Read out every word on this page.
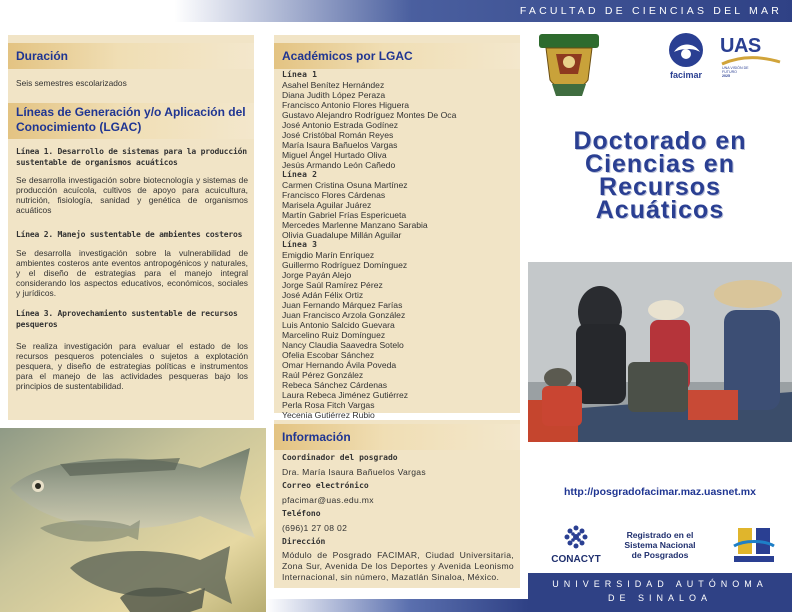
FACULTAD DE CIENCIAS DEL MAR
Duración
Seis semestres escolarizados
Líneas de Generación y/o Aplicación del Conocimiento (LGAC)
Línea 1. Desarrollo de sistemas para la producción sustentable de organismos acuáticos
Se desarrolla investigación sobre biotecnología y sistemas de producción acuícola, cultivos de apoyo para acuicultura, nutrición, fisiología, sanidad y genética de organismos acuáticos
Línea 2. Manejo sustentable de ambientes costeros
Se desarrolla investigación sobre la vulnerabilidad de ambientes costeros ante eventos antropogénicos y naturales, y el diseño de estrategias para el manejo integral considerando los aspectos educativos, económicos, sociales y jurídicos.
Línea 3. Aprovechamiento sustentable de recursos pesqueros
Se realiza investigación para evaluar el estado de los recursos pesqueros potenciales o sujetos a explotación pesquera, y diseño de estrategias políticas e instrumentos para el manejo de las actividades pesqueras bajo los principios de sustentabilidad.
Académicos por LGAC
Línea 1
Asahel Benítez Hernández
Diana Judith López Peraza
Francisco Antonio Flores Higuera
Gustavo Alejandro Rodríguez Montes De Oca
José Antonio Estrada Godínez
José Cristóbal Román Reyes
María Isaura Bañuelos Vargas
Miguel Ángel Hurtado Oliva
Jesús Armando León Cañedo
Línea 2
Carmen Cristina Osuna Martínez
Francisco Flores Cárdenas
Marisela Aguilar Juárez
Martín Gabriel Frías Espericueta
Mercedes Marlenne Manzano Sarabia
Olivia Guadalupe Millán Aguilar
Línea 3
Emigdio Marín Enríquez
Guillermo Rodríguez Domínguez
Jorge Payán Alejo
Jorge Saúl Ramírez Pérez
José Adán Félix Ortiz
Juan Fernando Márquez Farías
Juan Francisco Arzola González
Luis Antonio Salcido Guevara
Marcelino Ruiz Domínguez
Nancy Claudia Saavedra Sotelo
Ofelia Escobar Sánchez
Omar Hernando Ávila Poveda
Raúl Pérez González
Rebeca Sánchez Cárdenas
Laura Rebeca Jiménez Gutiérrez
Perla Rosa Fitch Vargas
Yecenia Gutiérrez Rubio
Información
Coordinador del posgrado
Dra. María Isaura Bañuelos Vargas
Correo electrónico
pfacimar@uas.edu.mx
Teléfono
(696)1 27 08 02
Dirección
Módulo de Posgrado FACIMAR, Ciudad Universitaria, Zona Sur, Avenida De los Deportes y Avenida Leonismo Internacional, sin número, Mazatlán Sinaloa, México.
facimar
UAS
UNA VISIÓN DE
FUTURO
2025
Doctorado en
Ciencias en
Recursos
Acuáticos
http://posgradofacimar.maz.uasnet.mx
CONACYT
Registrado en el
Sistema Nacional
de Posgrados
UNIVERSIDAD AUTÓNOMA
DE SINALOA
